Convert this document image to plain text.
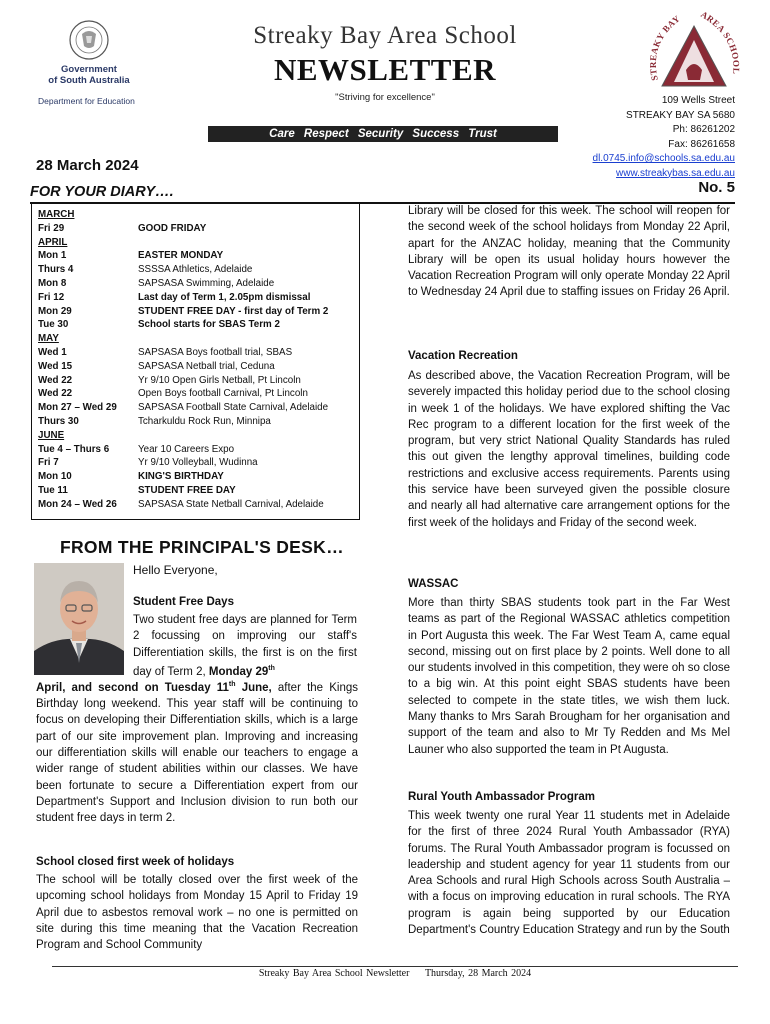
Government
of South Australia
Department for Education
Streaky Bay Area School
NEWSLETTER
"Striving for excellence"
STREAKY BAY AREA SCHOOL
109 Wells Street
STREAKY BAY SA 5680
Ph: 86261202
Fax: 86261658
dl.0745.info@schools.sa.edu.au
www.streakybas.sa.edu.au
Care Respect Security Success Trust
28 March 2024
No. 5
FOR YOUR DIARY….
MARCH
Fri 29	GOOD FRIDAY
APRIL
Mon 1	EASTER MONDAY
Thurs 4	SSSSA Athletics, Adelaide
Mon 8	SAPSASA Swimming, Adelaide
Fri 12	Last day of Term 1, 2.05pm dismissal
Mon 29	STUDENT FREE DAY - first day of Term 2
Tue 30	School starts for SBAS Term 2
MAY
Wed 1	SAPSASA Boys football trial, SBAS
Wed 15	SAPSASA Netball trial, Ceduna
Wed 22	Yr 9/10 Open Girls Netball, Pt Lincoln
Wed 22	Open Boys football Carnival, Pt Lincoln
Mon 27 – Wed 29	SAPSASA Football State Carnival, Adelaide
Thurs 30	Tcharkuldu Rock Run, Minnipa
JUNE
Tue 4 – Thurs 6	Year 10 Careers Expo
Fri 7	Yr 9/10 Volleyball, Wudinna
Mon 10	KING'S BIRTHDAY
Tue 11	STUDENT FREE DAY
Mon 24 – Wed 26	SAPSASA State Netball Carnival, Adelaide
FROM THE PRINCIPAL'S DESK…
Hello Everyone,
Student Free Days
Two student free days are planned for Term 2 focussing on improving our staff's Differentiation skills, the first is on the first day of Term 2, Monday 29th
April, and second on Tuesday 11th June, after the Kings Birthday long weekend. This year staff will be continuing to focus on developing their Differentiation skills, which is a large part of our site improvement plan. Improving and increasing our differentiation skills will enable our teachers to engage a wider range of student abilities within our classes. We have been fortunate to secure a Differentiation expert from our Department's Support and Inclusion division to run both our student free days in term 2.
School closed first week of holidays
The school will be totally closed over the first week of the upcoming school holidays from Monday 15 April to Friday 19 April due to asbestos removal work – no one is permitted on site during this time meaning that the Vacation Recreation Program and School Community
Library will be closed for this week. The school will reopen for the second week of the school holidays from Monday 22 April, apart for the ANZAC holiday, meaning that the Community Library will be open its usual holiday hours however the Vacation Recreation Program will only operate Monday 22 April to Wednesday 24 April due to staffing issues on Friday 26 April.
Vacation Recreation
As described above, the Vacation Recreation Program, will be severely impacted this holiday period due to the school closing in week 1 of the holidays. We have explored shifting the Vac Rec program to a different location for the first week of the program, but very strict National Quality Standards has ruled this out given the lengthy approval timelines, building code restrictions and exclusive access requirements. Parents using this service have been surveyed given the possible closure and nearly all had alternative care arrangement options for the first week of the holidays and Friday of the second week.
WASSAC
More than thirty SBAS students took part in the Far West teams as part of the Regional WASSAC athletics competition in Port Augusta this week. The Far West Team A, came equal second, missing out on first place by 2 points. Well done to all our students involved in this competition, they were oh so close to a big win. At this point eight SBAS students have been selected to compete in the state titles, we wish them luck. Many thanks to Mrs Sarah Brougham for her organisation and support of the team and also to Mr Ty Redden and Ms Mel Launer who also supported the team in Pt Augusta.
Rural Youth Ambassador Program
This week twenty one rural Year 11 students met in Adelaide for the first of three 2024 Rural Youth Ambassador (RYA) forums. The Rural Youth Ambassador program is focussed on leadership and student agency for year 11 students from our Area Schools and rural High Schools across South Australia – with a focus on improving education in rural schools. The RYA program is again being supported by our Education Department's Country Education Strategy and run by the South
Streaky Bay Area School Newsletter Thursday, 28 March 2024
